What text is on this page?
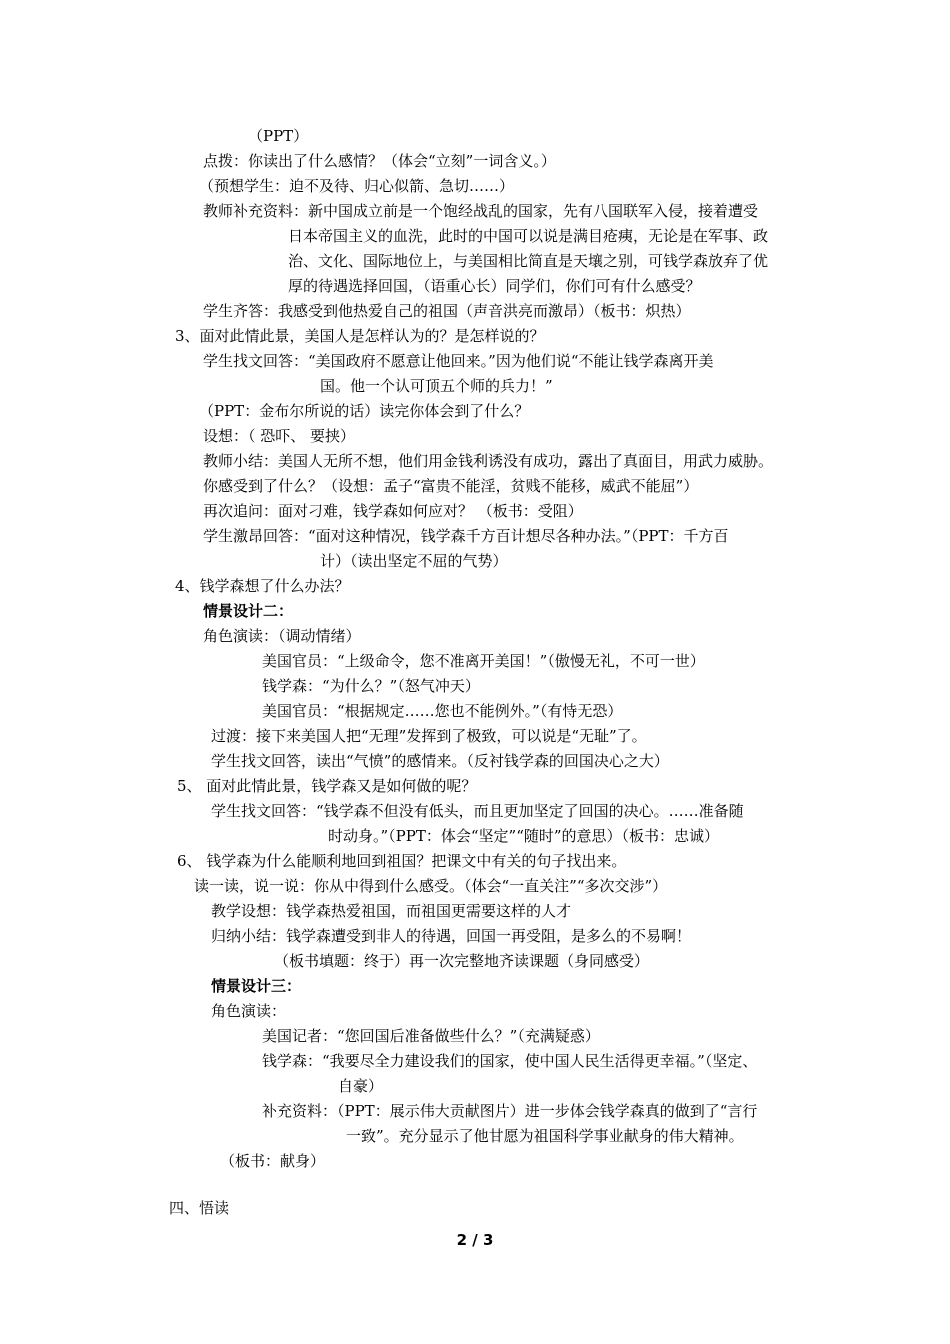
（PPT）
点拨：你读出了什么感情？（体会“立刻”一词含义。）
（预想学生：迫不及待、归心似箭、急切……）
教师补充资料：新中国成立前是一个饱经战乱的国家，先有八国联军入侵，接着遭受
日本帝国主义的血洗，此时的中国可以说是满目疮痍，无论是在军事、政
治、文化、国际地位上，与美国相比简直是天壤之别，可钱学森放弃了优
厚的待遇选择回国，（语重心长）同学们，你们可有什么感受？
学生齐答：我感受到他热爱自己的祖国（声音洪亮而激昂）（板书：炽热）
3、面对此情此景，美国人是怎样认为的？是怎样说的？
学生找文回答：“美国政府不愿意让他回来。”因为他们说“不能让钱学森离开美
国。他一个认可顶五个师的兵力！”
（PPT：金布尔所说的话）读完你体会到了什么？
设想：（ 恐吓、 要挟）
教师小结：美国人无所不想，他们用金钱利诱没有成功，露出了真面目，用武力威胁。
你感受到了什么？（设想：孟子“富贵不能淫，贫贱不能移，威武不能屈”）
再次追问：面对刁难，钱学森如何应对？ （板书：受阻）
学生激昂回答：“面对这种情况，钱学森千方百计想尽各种办法。”（PPT：千方百
计）（读出坚定不屈的气势）
4、钱学森想了什么办法？
情景设计二：
角色演读：（调动情绪）
美国官员：“上级命令，您不准离开美国！”（傲慢无礼，不可一世）
钱学森：“为什么？”（怒气冲天）
美国官员：“根据规定……您也不能例外。”（有恃无恐）
过渡：接下来美国人把“无理”发挥到了极致，可以说是“无耻”了。
学生找文回答，读出“气愤”的感情来。（反衬钱学森的回国决心之大）
5、 面对此情此景，钱学森又是如何做的呢？
学生找文回答：“钱学森不但没有低头，而且更加坚定了回国的决心。……准备随
时动身。”（PPT：体会“坚定”“随时”的意思）（板书：忠诚）
6、 钱学森为什么能顺利地回到祖国？把课文中有关的句子找出来。
读一读，说一说：你从中得到什么感受。（体会“一直关注”“多次交涉”）
教学设想：钱学森热爱祖国，而祖国更需要这样的人才
归纳小结：钱学森遭受到非人的待遇，回国一再受阻，是多么的不易啊！
（板书填题：终于）再一次完整地齐读课题（身同感受）
情景设计三：
角色演读：
美国记者：“您回国后准备做些什么？”（充满疑惑）
钱学森：“我要尽全力建设我们的国家，使中国人民生活得更幸福。”（坚定、
自豪）
补充资料：（PPT：展示伟大贡献图片）进一步体会钱学森真的做到了“言行
一致”。充分显示了他甘愿为祖国科学事业献身的伟大精神。
（板书：献身）
四、悟读
2 / 3
